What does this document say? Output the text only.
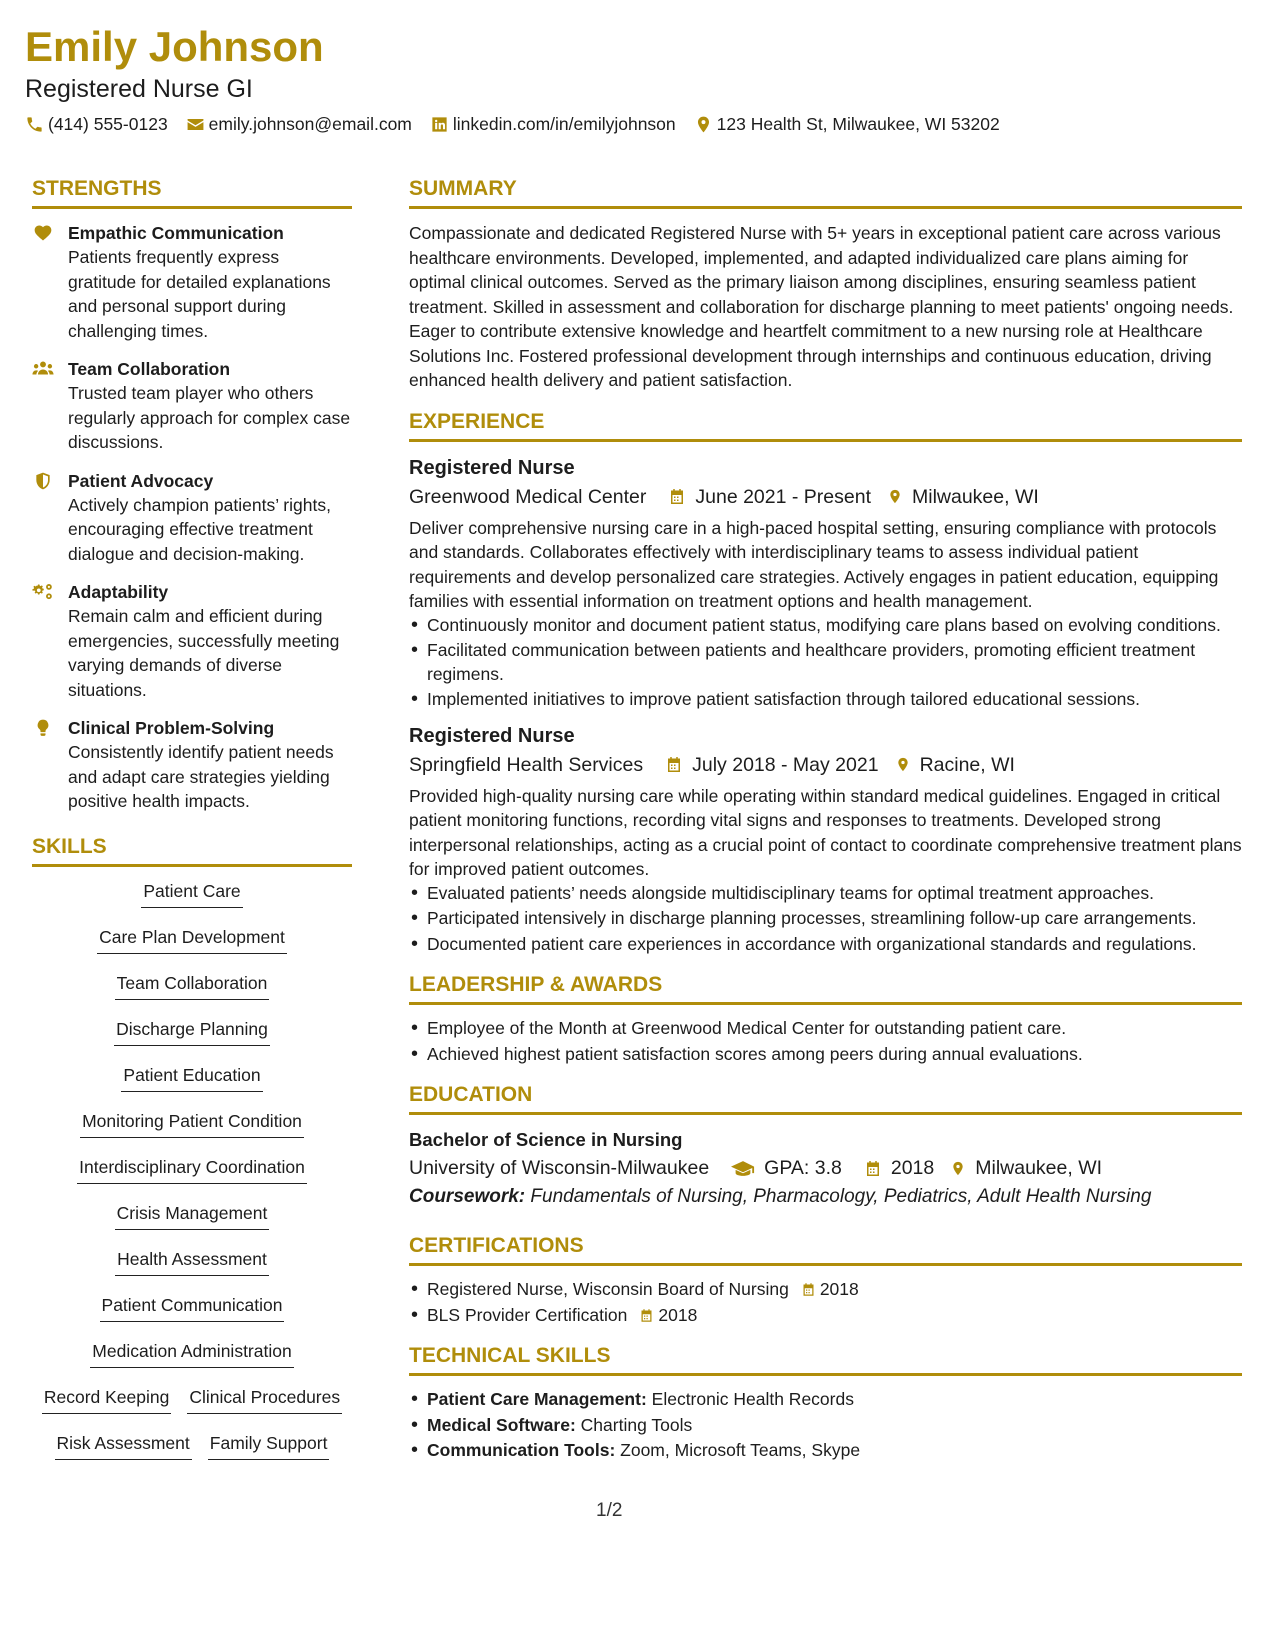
Emily Johnson
Registered Nurse GI
(414) 555-0123 emily.johnson@email.com linkedin.com/in/emilyjohnson 123 Health St, Milwaukee, WI 53202
STRENGTHS
Empathic Communication
Patients frequently express gratitude for detailed explanations and personal support during challenging times.
Team Collaboration
Trusted team player who others regularly approach for complex case discussions.
Patient Advocacy
Actively champion patients’ rights, encouraging effective treatment dialogue and decision-making.
Adaptability
Remain calm and efficient during emergencies, successfully meeting varying demands of diverse situations.
Clinical Problem-Solving
Consistently identify patient needs and adapt care strategies yielding positive health impacts.
SKILLS
Patient Care
Care Plan Development
Team Collaboration
Discharge Planning
Patient Education
Monitoring Patient Condition
Interdisciplinary Coordination
Crisis Management
Health Assessment
Patient Communication
Medication Administration
Record Keeping Clinical Procedures
Risk Assessment Family Support
SUMMARY

Compassionate and dedicated Registered Nurse with 5+ years in exceptional patient care across various healthcare environments. Developed, implemented, and adapted individualized care plans aiming for optimal clinical outcomes. Served as the primary liaison among disciplines, ensuring seamless patient treatment. Skilled in assessment and collaboration for discharge planning to meet patients' ongoing needs. Eager to contribute extensive knowledge and heartfelt commitment to a new nursing role at Healthcare Solutions Inc. Fostered professional development through internships and continuous education, driving enhanced health delivery and patient satisfaction.

EXPERIENCE
Registered Nurse
Greenwood Medical Center	June 2021 - Present Milwaukee, WI

Deliver comprehensive nursing care in a high-paced hospital setting, ensuring compliance with protocols and standards. Collaborates effectively with interdisciplinary teams to assess individual patient requirements and develop personalized care strategies. Actively engages in patient education, equipping families with essential information on treatment options and health management.

• Continuously monitor and document patient status, modifying care plans based on evolving conditions.
• Facilitated communication between patients and healthcare providers, promoting efficient treatment regimens.
• Implemented initiatives to improve patient satisfaction through tailored educational sessions.
Registered Nurse
Springfield Health Services	July 2018 - May 2021 Racine, WI

Provided high-quality nursing care while operating within standard medical guidelines. Engaged in critical patient monitoring functions, recording vital signs and responses to treatments. Developed strong interpersonal relationships, acting as a crucial point of contact to coordinate comprehensive treatment plans for improved patient outcomes.

• Evaluated patients’ needs alongside multidisciplinary teams for optimal treatment approaches.
• Participated intensively in discharge planning processes, streamlining follow-up care arrangements.
• Documented patient care experiences in accordance with organizational standards and regulations.
LEADERSHIP & AWARDS
• Employee of the Month at Greenwood Medical Center for outstanding patient care.
• Achieved highest patient satisfaction scores among peers during annual evaluations.
EDUCATION
Bachelor of Science in Nursing
University of Wisconsin-Milwaukee	GPA: 3.8	2018 Milwaukee, WI
Coursework: Fundamentals of Nursing, Pharmacology, Pediatrics, Adult Health Nursing
CERTIFICATIONS
• Registered Nurse, Wisconsin Board of Nursing 2018
• BLS Provider Certification 2018
TECHNICAL SKILLS
• Patient Care Management: Electronic Health Records
• Medical Software: Charting Tools
• Communication Tools: Zoom, Microsoft Teams, Skype
1/2
